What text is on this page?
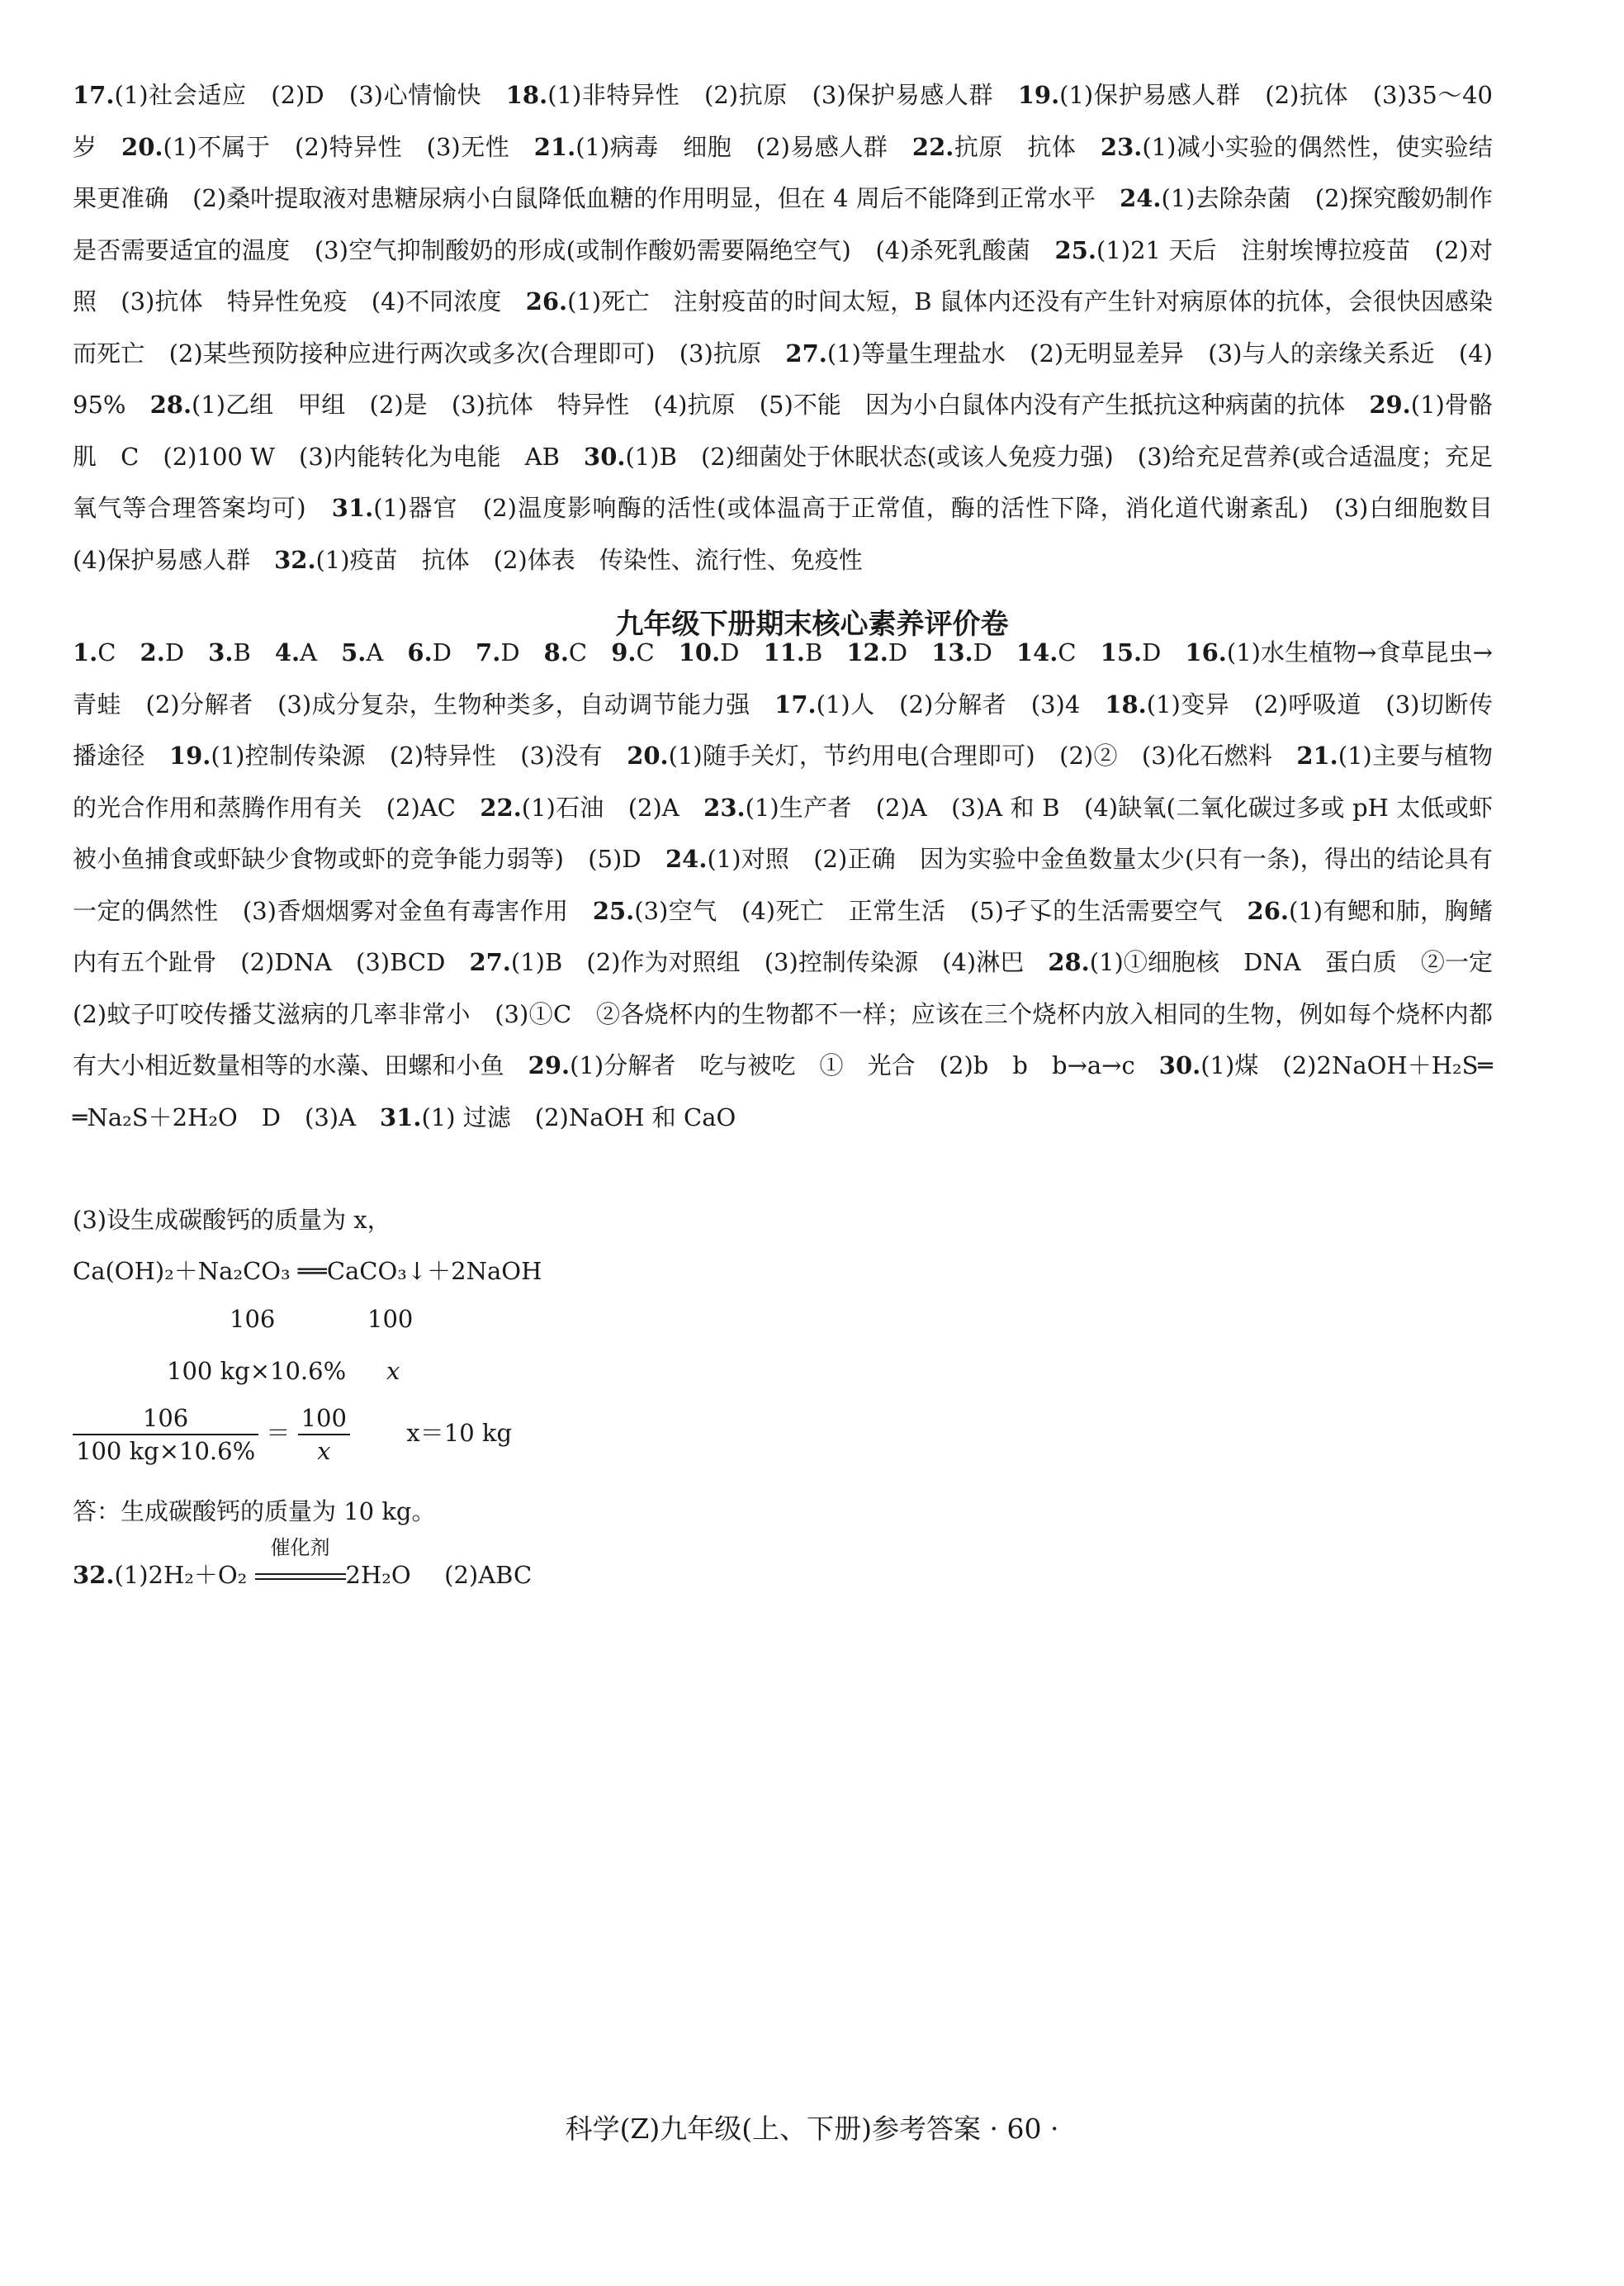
17.(1)社会适应　(2)D　(3)心情愉快　18.(1)非特异性　(2)抗原　(3)保护易感人群　19.(1)保护易感人群　(2)抗体　(3)35～40 岁　20.(1)不属于　(2)特异性　(3)无性　21.(1)病毒　细胞　(2)易感人群　22.抗原　抗体　23.(1)减小实验的偶然性，使实验结果更准确　(2)桑叶提取液对患糖尿病小白鼠降低血糖的作用明显，但在 4 周后不能降到正常水平　24.(1)去除杂菌　(2)探究酸奶制作是否需要适宜的温度　(3)空气抑制酸奶的形成(或制作酸奶需要隔绝空气)　(4)杀死乳酸菌　25.(1)21 天后　注射埃博拉疫苗　(2)对照　(3)抗体　特异性免疫　(4)不同浓度　26.(1)死亡　注射疫苗的时间太短，B 鼠体内还没有产生针对病原体的抗体，会很快因感染而死亡　(2)某些预防接种应进行两次或多次(合理即可)　(3)抗原　27.(1)等量生理盐水　(2)无明显差异　(3)与人的亲缘关系近　(4)95%　28.(1)乙组　甲组　(2)是　(3)抗体　特异性　(4)抗原　(5)不能　因为小白鼠体内没有产生抵抗这种病菌的抗体　29.(1)骨骼肌　C　(2)100 W　(3)内能转化为电能　AB　30.(1)B　(2)细菌处于休眠状态(或该人免疫力强)　(3)给充足营养(或合适温度；充足氧气等合理答案均可)　31.(1)器官　(2)温度影响酶的活性(或体温高于正常值，酶的活性下降，消化道代谢紊乱)　(3)白细胞数目　(4)保护易感人群　32.(1)疫苗　抗体　(2)体表　传染性、流行性、免疫性

九年级下册期末核心素养评价卷

1.C　2.D　3.B　4.A　5.A　6.D　7.D　8.C　9.C　10.D　11.B　12.D　13.D　14.C　15.D　16.(1)水生植物→食草昆虫→青蛙　(2)分解者　(3)成分复杂，生物种类多，自动调节能力强　17.(1)人　(2)分解者　(3)4　18.(1)变异　(2)呼吸道　(3)切断传播途径　19.(1)控制传染源　(2)特异性　(3)没有　20.(1)随手关灯，节约用电(合理即可)　(2)②　(3)化石燃料　21.(1)主要与植物的光合作用和蒸腾作用有关　(2)AC　22.(1)石油　(2)A　23.(1)生产者　(2)A　(3)A 和 B　(4)缺氧(二氧化碳过多或 pH 太低或虾被小鱼捕食或虾缺少食物或虾的竞争能力弱等)　(5)D　24.(1)对照　(2)正确　因为实验中金鱼数量太少(只有一条)，得出的结论具有一定的偶然性　(3)香烟烟雾对金鱼有毒害作用　25.(3)空气　(4)死亡　正常生活　(5)孑孓的生活需要空气　26.(1)有鳃和肺，胸鳍内有五个趾骨　(2)DNA　(3)BCD　27.(1)B　(2)作为对照组　(3)控制传染源　(4)淋巴　28.(1)①细胞核　DNA　蛋白质　②一定　(2)蚊子叮咬传播艾滋病的几率非常小　(3)①C　②各烧杯内的生物都不一样；应该在三个烧杯内放入相同的生物，例如每个烧杯内都有大小相近数量相等的水藻、田螺和小鱼　29.(1)分解者　吃与被吃　①　光合　(2)b　b　b→a→c　30.(1)煤　(2)2NaOH＋H₂S══Na₂S＋2H₂O　D　(3)A　31.(1) 过滤　(2)NaOH 和 CaO

(3)设生成碳酸钙的质量为 x，
Ca(OH)₂＋Na₂CO₃ ══CaCO₃↓＋2NaOH
106	100
100 kg×10.6% x
$\frac{106}{100 kg\times 10.6\%} = \frac{100}{x} x=10$ kg
答：生成碳酸钙的质量为 10 kg。
32.(1)2H₂＋O₂
催化剂
2H₂O (2)ABC
科学(Z)九年级(上、下册)参考答案 · 60 ·
